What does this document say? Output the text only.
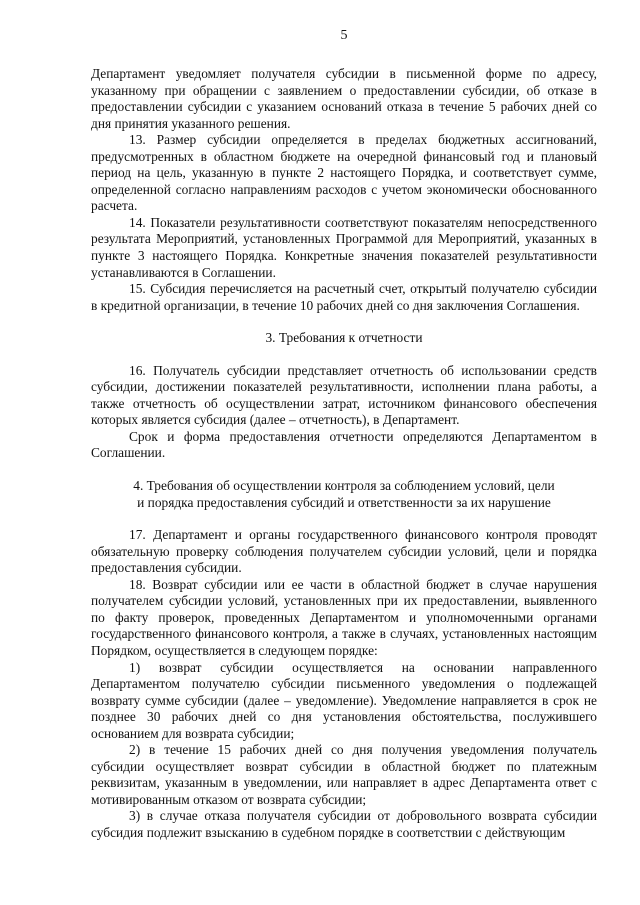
5

Департамент уведомляет получателя субсидии в письменной форме по адресу, указанному при обращении с заявлением о предоставлении субсидии, об отказе в предоставлении субсидии с указанием оснований отказа в течение 5 рабочих дней со дня принятия указанного решения.

13. Размер субсидии определяется в пределах бюджетных ассигнований, предусмотренных в областном бюджете на очередной финансовый год и плановый период на цель, указанную в пункте 2 настоящего Порядка, и соответствует сумме, определенной согласно направлениям расходов с учетом экономически обоснованного расчета.

14. Показатели результативности соответствуют показателям непосредственного результата Мероприятий, установленных Программой для Мероприятий, указанных в пункте 3 настоящего Порядка. Конкретные значения показателей результативности устанавливаются в Соглашении.

15. Субсидия перечисляется на расчетный счет, открытый получателю субсидии в кредитной организации, в течение 10 рабочих дней со дня заключения Соглашения.

3. Требования к отчетности

16. Получатель субсидии представляет отчетность об использовании средств субсидии, достижении показателей результативности, исполнении плана работы, а также отчетность об осуществлении затрат, источником финансового обеспечения которых является субсидия (далее – отчетность), в Департамент.

Срок и форма предоставления отчетности определяются Департаментом в Соглашении.

4. Требования об осуществлении контроля за соблюдением условий, цели
и порядка предоставления субсидий и ответственности за их нарушение

17. Департамент и органы государственного финансового контроля проводят обязательную проверку соблюдения получателем субсидии условий, цели и порядка предоставления субсидии.

18. Возврат субсидии или ее части в областной бюджет в случае нарушения получателем субсидии условий, установленных при их предоставлении, выявленного по факту проверок, проведенных Департаментом и уполномоченными органами государственного финансового контроля, а также в случаях, установленных настоящим Порядком, осуществляется в следующем порядке:

1) возврат субсидии осуществляется на основании направленного Департаментом получателю субсидии письменного уведомления о подлежащей возврату сумме субсидии (далее – уведомление). Уведомление направляется в срок не позднее 30 рабочих дней со дня установления обстоятельства, послужившего основанием для возврата субсидии;

2) в течение 15 рабочих дней со дня получения уведомления получатель субсидии осуществляет возврат субсидии в областной бюджет по платежным реквизитам, указанным в уведомлении, или направляет в адрес Департамента ответ с мотивированным отказом от возврата субсидии;

3) в случае отказа получателя субсидии от добровольного возврата субсидии субсидия подлежит взысканию в судебном порядке в соответствии с действующим
